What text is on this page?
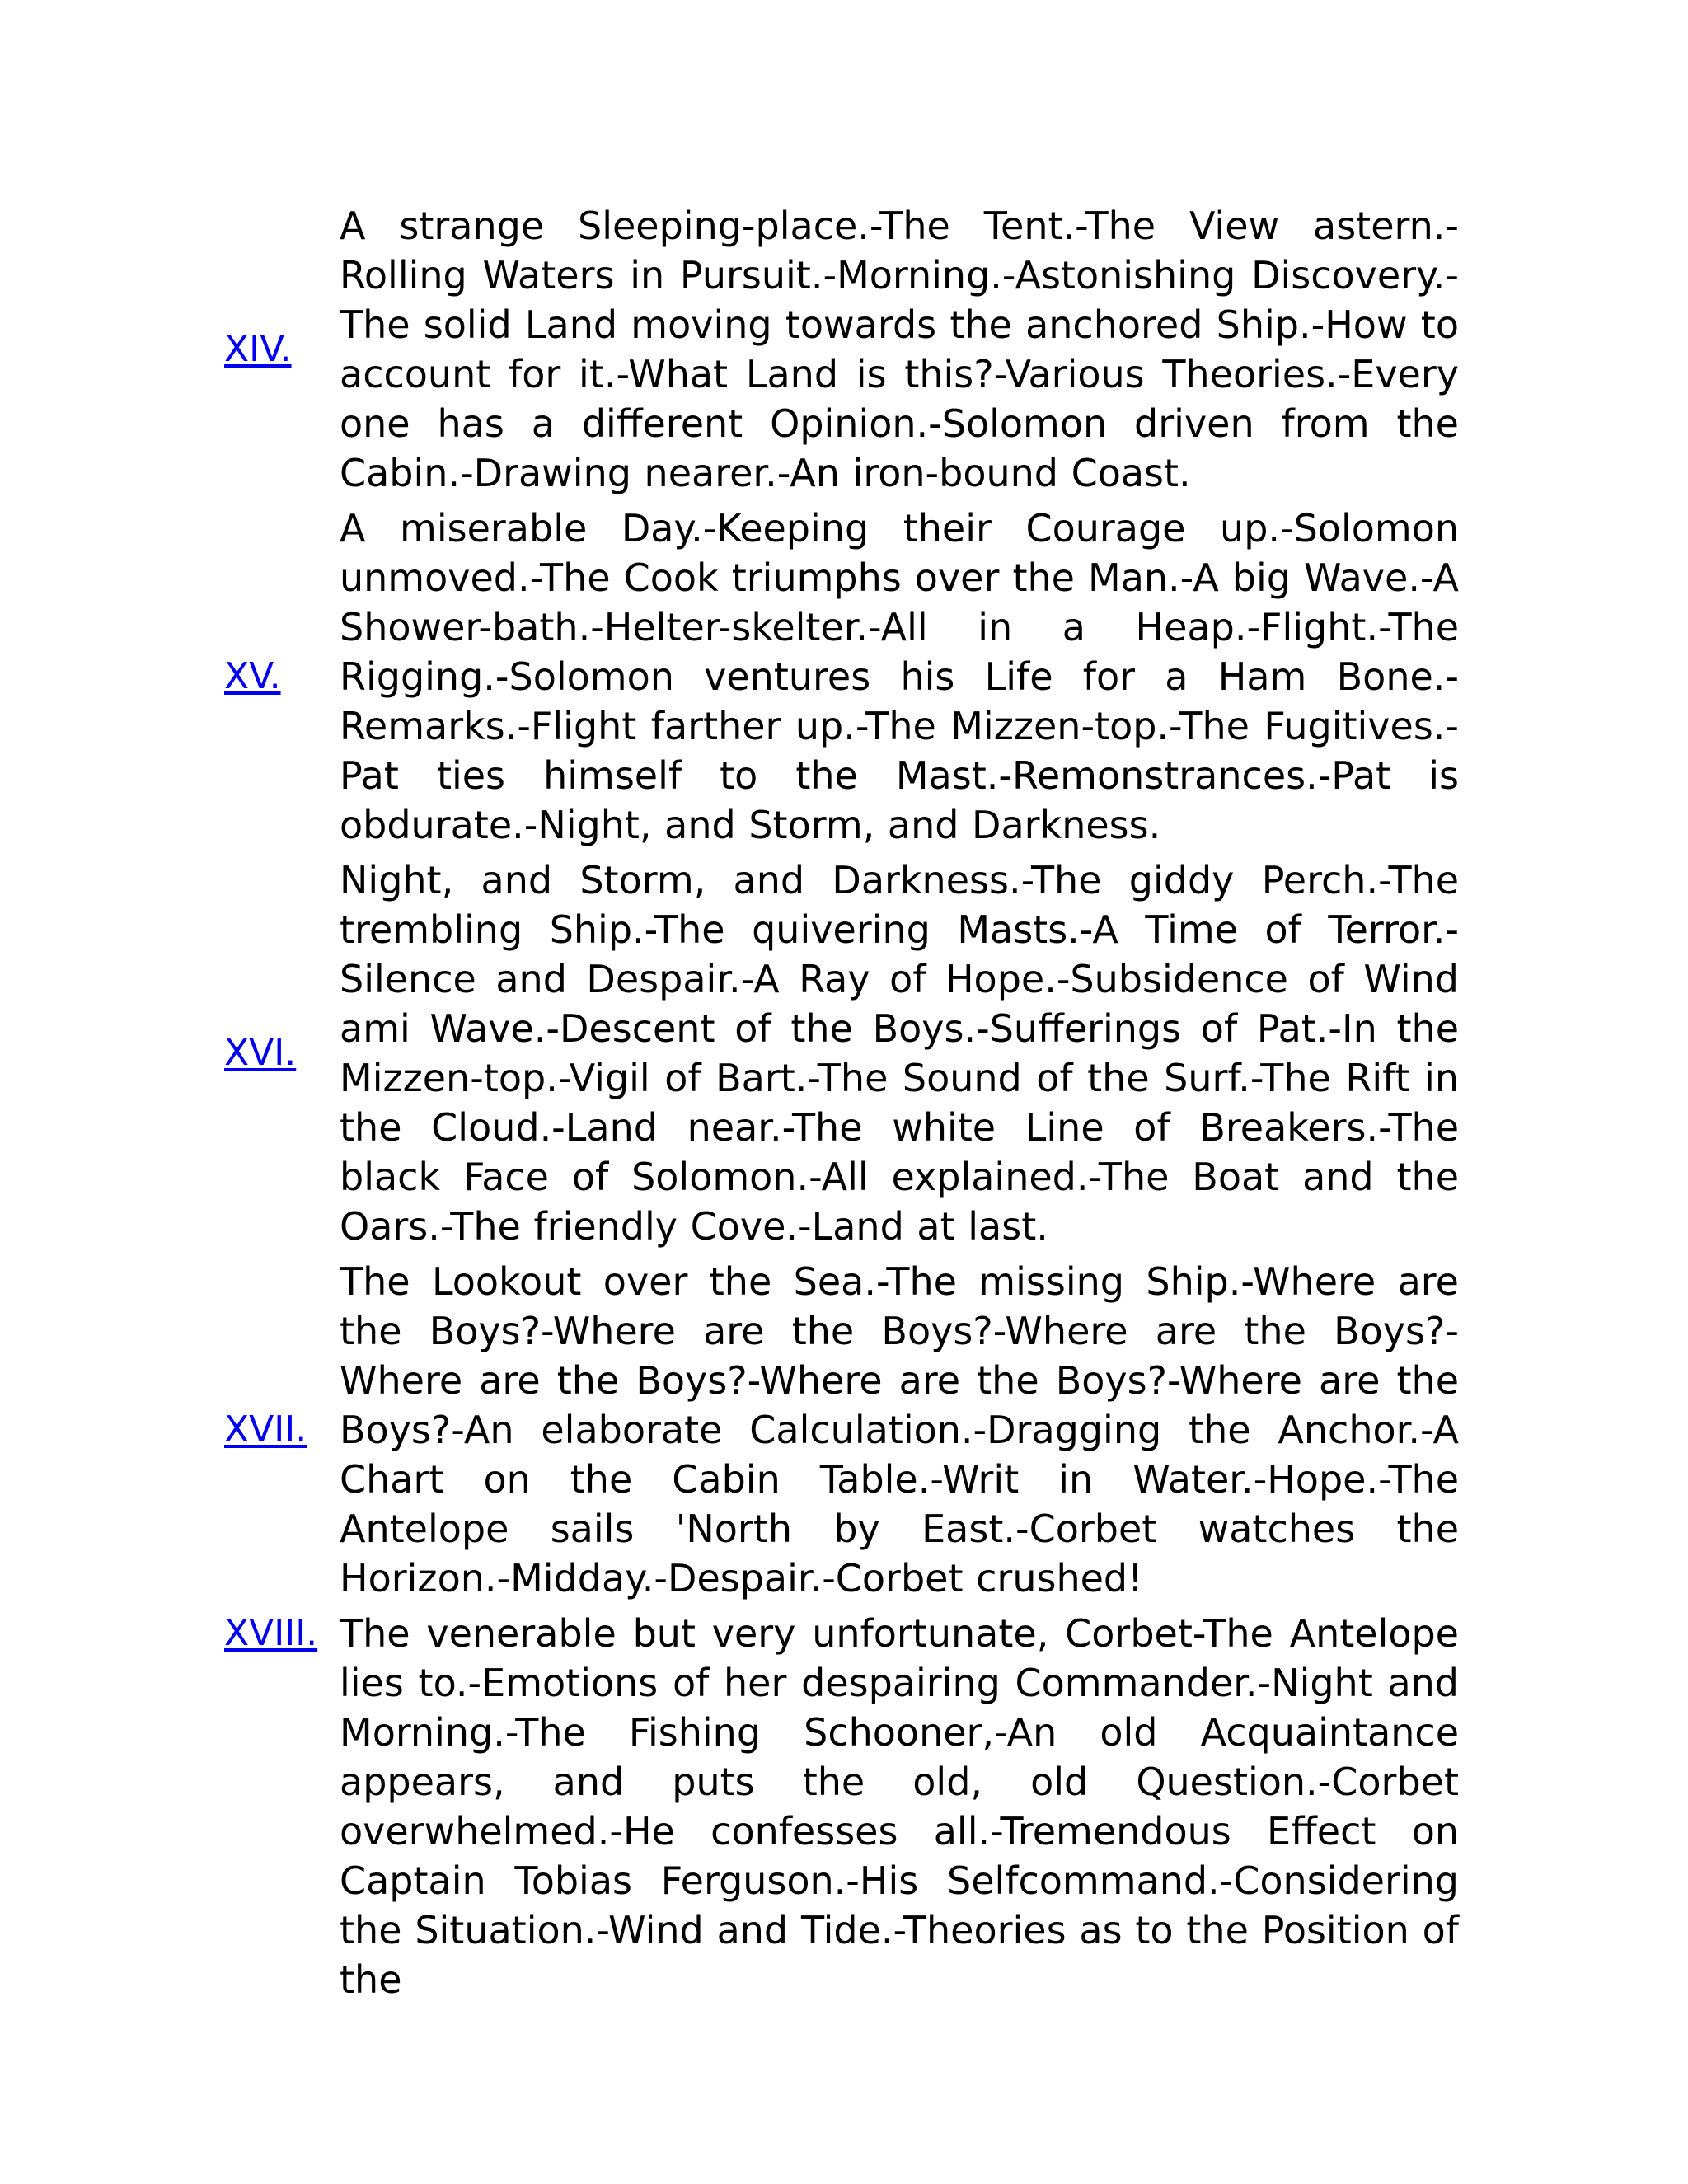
XIV.
A strange Sleeping-place.-The Tent.-The View astern.-Rolling Waters in Pursuit.-Morning.-Astonishing Discovery.-The solid Land moving towards the anchored Ship.-How to account for it.-What Land is this?-Various Theories.-Every one has a different Opinion.-Solomon driven from the Cabin.-Drawing nearer.-An iron-bound Coast.
XV.
A miserable Day.-Keeping their Courage up.-Solomon unmoved.-The Cook triumphs over the Man.-A big Wave.-A Shower-bath.-Helter-skelter.-All in a Heap.-Flight.-The Rigging.-Solomon ventures his Life for a Ham Bone.-Remarks.-Flight farther up.-The Mizzen-top.-The Fugitives.-Pat ties himself to the Mast.-Remonstrances.-Pat is obdurate.-Night, and Storm, and Darkness.
XVI.
Night, and Storm, and Darkness.-The giddy Perch.-The trembling Ship.-The quivering Masts.-A Time of Terror.-Silence and Despair.-A Ray of Hope.-Subsidence of Wind ami Wave.-Descent of the Boys.-Sufferings of Pat.-In the Mizzen-top.-Vigil of Bart.-The Sound of the Surf.-The Rift in the Cloud.-Land near.-The white Line of Breakers.-The black Face of Solomon.-All explained.-The Boat and the Oars.-The friendly Cove.-Land at last.
XVII.
The Lookout over the Sea.-The missing Ship.-Where are the Boys?-Where are the Boys?-Where are the Boys?-Where are the Boys?-Where are the Boys?-Where are the Boys?-An elaborate Calculation.-Dragging the Anchor.-A Chart on the Cabin Table.-Writ in Water.-Hope.-The Antelope sails 'North by East.-Corbet watches the Horizon.-Midday.-Despair.-Corbet crushed!
XVIII. The venerable but very unfortunate, Corbet-The Antelope lies to.-Emotions of her despairing Commander.-Night and Morning.-The Fishing Schooner,-An old Acquaintance appears, and puts the old, old Question.-Corbet overwhelmed.-He confesses all.-Tremendous Effect on Captain Tobias Ferguson.-His Selfcommand.-Considering the Situation.-Wind and Tide.-Theories as to the Position of the
